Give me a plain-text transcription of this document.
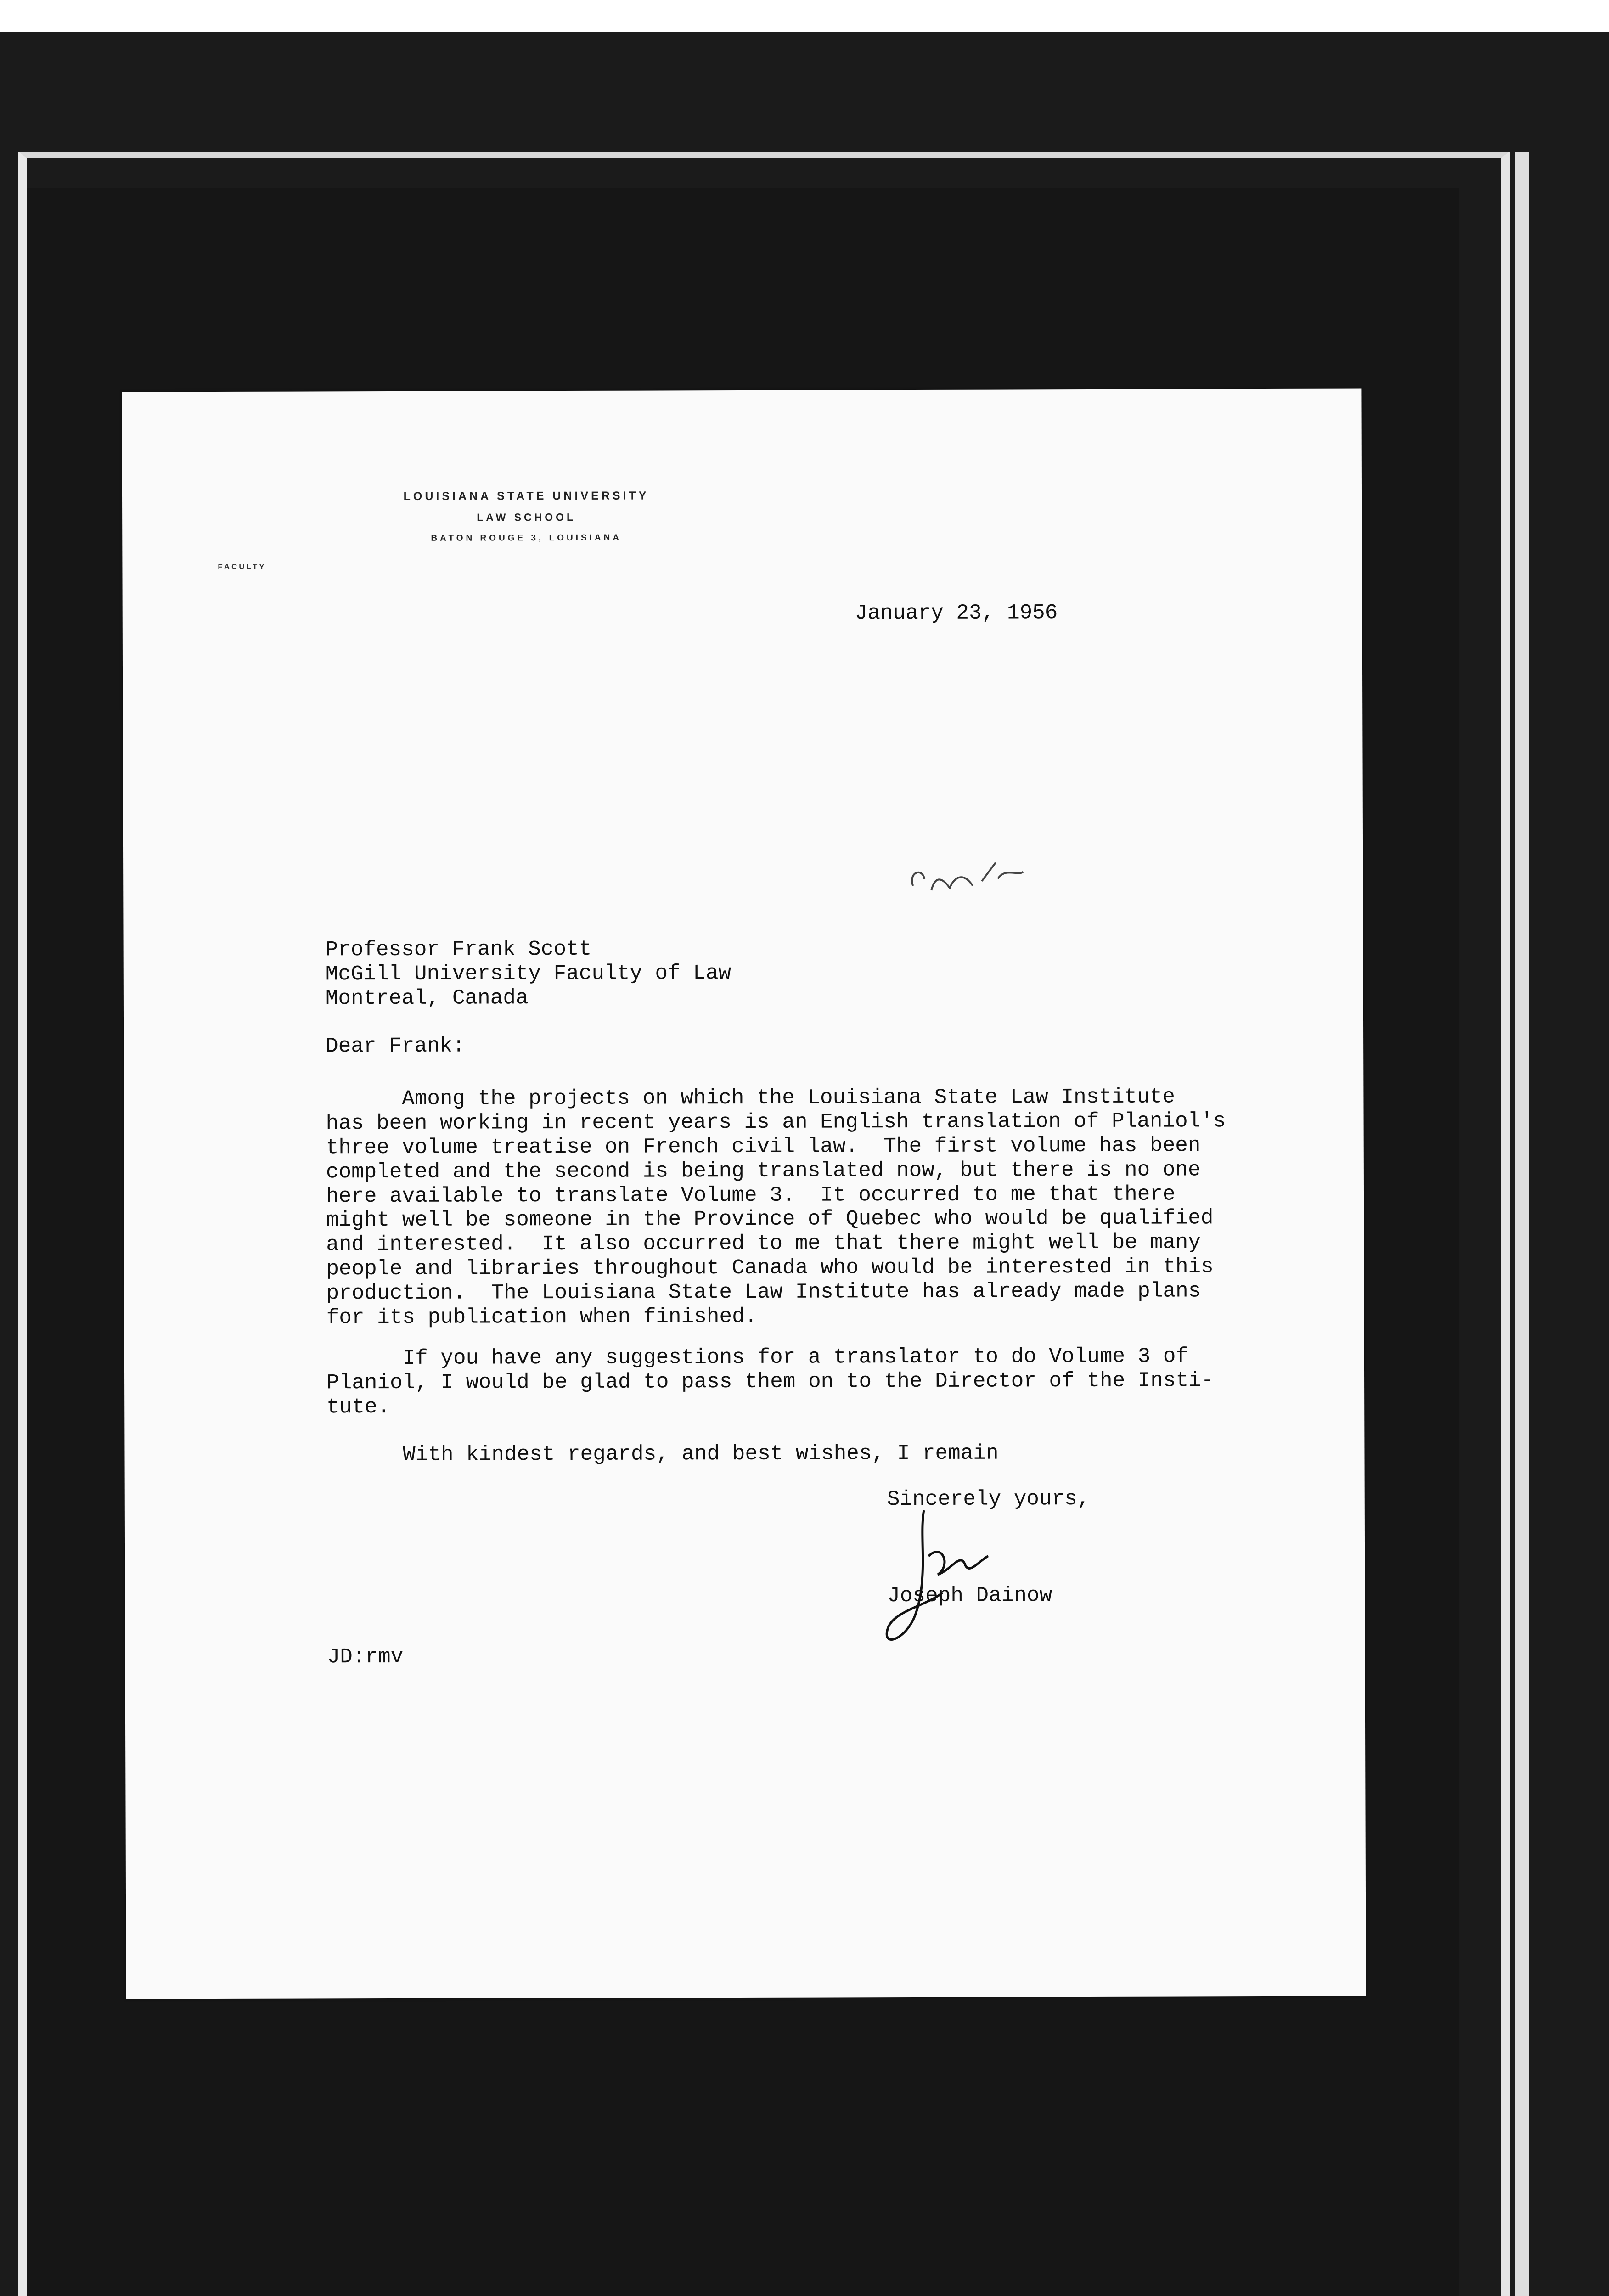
LOUISIANA STATE UNIVERSITY
LAW SCHOOL
BATON ROUGE 3, LOUISIANA
FACULTY
January 23, 1956
Professor Frank Scott
McGill University Faculty of Law
Montreal, Canada
Dear Frank:
Among the projects on which the Louisiana State Law Institute
has been working in recent years is an English translation of Planiol's
three volume treatise on French civil law.  The first volume has been
completed and the second is being translated now, but there is no one
here available to translate Volume 3.  It occurred to me that there
might well be someone in the Province of Quebec who would be qualified
and interested.  It also occurred to me that there might well be many
people and libraries throughout Canada who would be interested in this
production.  The Louisiana State Law Institute has already made plans
for its publication when finished.
If you have any suggestions for a translator to do Volume 3 of
Planiol, I would be glad to pass them on to the Director of the Insti-
tute.
With kindest regards, and best wishes, I remain
Sincerely yours,
Joseph Dainow
JD:rmv
